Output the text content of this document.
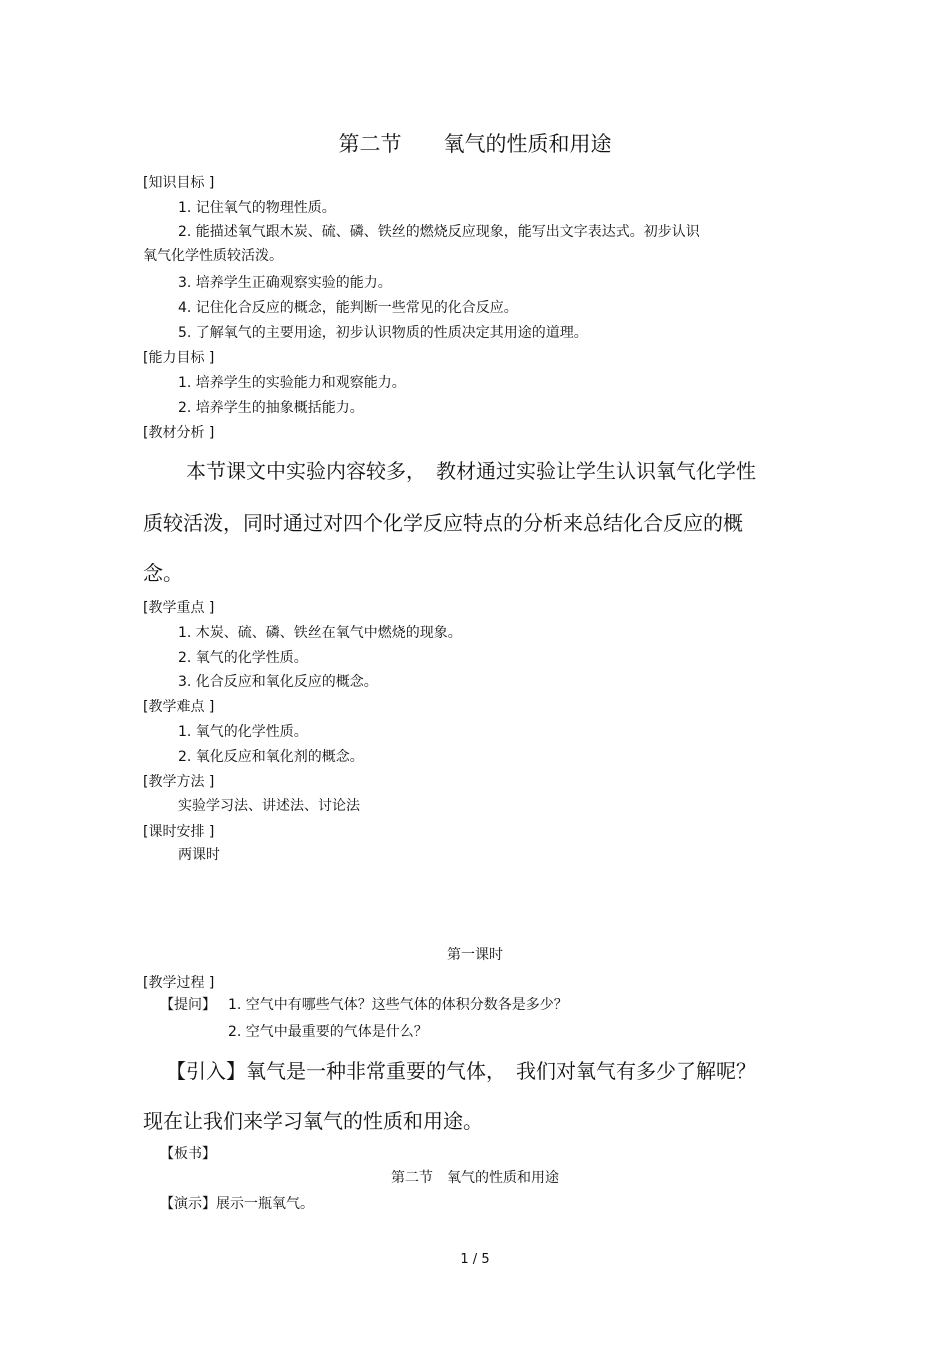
第二节　　氧气的性质和用途
[知识目标 ]
1. 记住氧气的物理性质。
2. 能描述氧气跟木炭、硫、磷、铁丝的燃烧反应现象，能写出文字表达式。初步认识
氧气化学性质较活泼。
3. 培养学生正确观察实验的能力。
4. 记住化合反应的概念，能判断一些常见的化合反应。
5. 了解氧气的主要用途，初步认识物质的性质决定其用途的道理。
[能力目标 ]
1. 培养学生的实验能力和观察能力。
2. 培养学生的抽象概括能力。
[教材分析 ]
本节课文中实验内容较多，　教材通过实验让学生认识氧气化学性
质较活泼，同时通过对四个化学反应特点的分析来总结化合反应的概
念。
[教学重点 ]
1. 木炭、硫、磷、铁丝在氧气中燃烧的现象。
2. 氧气的化学性质。
3. 化合反应和氧化反应的概念。
[教学难点 ]
1. 氧气的化学性质。
2. 氧化反应和氧化剂的概念。
[教学方法 ]
实验学习法、讲述法、讨论法
[课时安排 ]
两课时
第一课时
[教学过程 ]
【提问】 1. 空气中有哪些气体？这些气体的体积分数各是多少？
2. 空气中最重要的气体是什么？
【引入】氧气是一种非常重要的气体，　我们对氧气有多少了解呢？
现在让我们来学习氧气的性质和用途。
【板书】
第二节　氧气的性质和用途
【演示】展示一瓶氧气。
1 / 5
